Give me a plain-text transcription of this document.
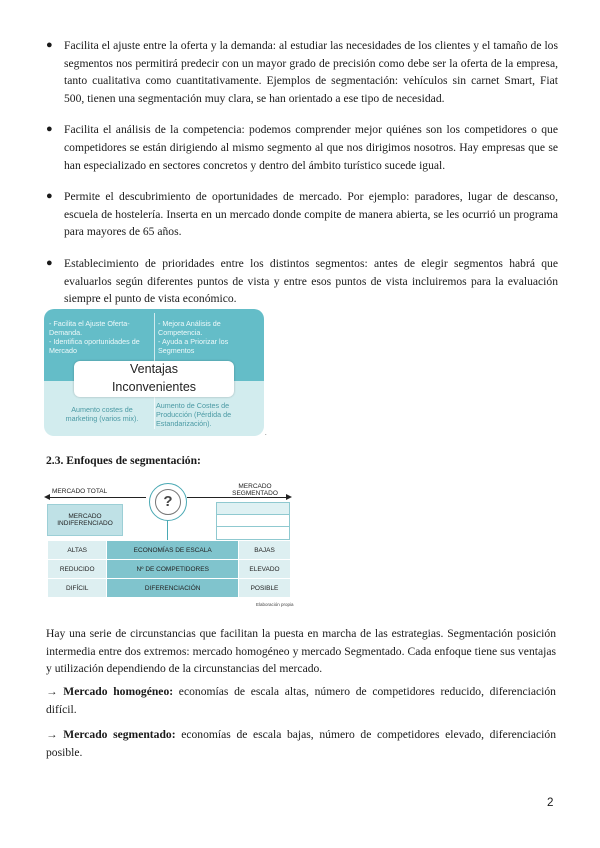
● Facilita el ajuste entre la oferta y la demanda: al estudiar las necesidades de los clientes y el tamaño de los segmentos nos permitirá predecir con un mayor grado de precisión como debe ser la oferta de la empresa, tanto cualitativa como cuantitativamente. Ejemplos de segmentación: vehículos sin carnet Smart, Fiat 500, tienen una segmentación muy clara, se han orientado a ese tipo de necesidad.
● Facilita el análisis de la competencia: podemos comprender mejor quiénes son los competidores o que competidores se están dirigiendo al mismo segmento al que nos dirigimos nosotros. Hay empresas que se han especializado en sectores concretos y dentro del ámbito turístico sucede igual.
● Permite el descubrimiento de oportunidades de mercado. Por ejemplo: paradores, lugar de descanso, escuela de hostelería. Inserta en un mercado donde compite de manera abierta, se les ocurrió un programa para mayores de 65 años.
● Establecimiento de prioridades entre los distintos segmentos: antes de elegir segmentos habrá que evaluarlos según diferentes puntos de vista y entre esos puntos de vista incluiremos para la evaluación siempre el punto de vista económico.
- Facilita el Ajuste Oferta-Demanda.
- Identifica oportunidades de Mercado
- Mejora Análisis de Competencia.
- Ayuda a Priorizar los Segmentos
Aumento costes de marketing (varios mix).
Aumento de Costes de Producción (Pérdida de Estandarización).
Ventajas
Inconvenientes
.
2.3. Enfoques de segmentación:
MERCADO TOTAL
MERCADO SEGMENTADO
?
MERCADO INDIFERENCIADO
ALTAS	ECONOMÍAS DE ESCALA	BAJAS
REDUCIDO	Nº DE COMPETIDORES	ELEVADO
DIFÍCIL	DIFERENCIACIÓN	POSIBLE
Elaboración propia

Hay una serie de circunstancias que facilitan la puesta en marcha de las estrategias. Segmentación posición intermedia entre dos extremos: mercado homogéneo y mercado Segmentado. Cada enfoque tiene sus ventajas y utilización dependiendo de la circunstancias del mercado.

→ Mercado homogéneo: economías de escala altas, número de competidores reducido, diferenciación difícil.

→ Mercado segmentado: economías de escala bajas, número de competidores elevado, diferenciación posible.

2
